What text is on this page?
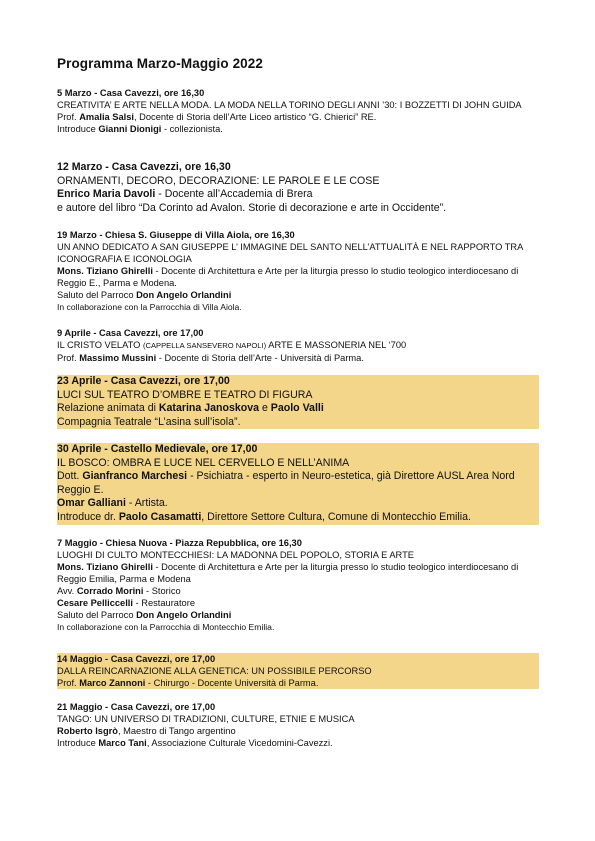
Programma Marzo-Maggio 2022
5 Marzo - Casa Cavezzi, ore 16,30
CREATIVITA’ E ARTE NELLA MODA. LA MODA NELLA TORINO DEGLI ANNI ’30: I BOZZETTI DI JOHN GUIDA
Prof. Amalia Salsi, Docente di Storia dell’Arte Liceo artistico “G. Chierici” RE.
Introduce Gianni Dionigi - collezionista.
12 Marzo - Casa Cavezzi, ore 16,30
ORNAMENTI, DECORO, DECORAZIONE: LE PAROLE E LE COSE
Enrico Maria Davoli - Docente all’Accademia di Brera
e autore del libro “Da Corinto ad Avalon. Storie di decorazione e arte in Occidente”.
19 Marzo - Chiesa S. Giuseppe di Villa Aiola, ore 16,30
UN ANNO DEDICATO A SAN GIUSEPPE L’ IMMAGINE DEL SANTO NELL’ATTUALITÀ E NEL RAPPORTO TRA ICONOGRAFIA E ICONOLOGIA
Mons. Tiziano Ghirelli - Docente di Architettura e Arte per la liturgia presso lo studio teologico interdiocesano di Reggio E., Parma e Modena.
Saluto del Parroco Don Angelo Orlandini
In collaborazione con la Parrocchia di Villa Aiola.
9 Aprile - Casa Cavezzi, ore 17,00
IL CRISTO VELATO (CAPPELLA SANSEVERO NAPOLI) ARTE E MASSONERIA NEL ‘700
Prof. Massimo Mussini - Docente di Storia dell’Arte - Università di Parma.
23 Aprile - Casa Cavezzi, ore 17,00
LUCI SUL TEATRO D’OMBRE E TEATRO DI FIGURA
Relazione animata di Katarina Janoskova e Paolo Valli
Compagnia Teatrale “L’asina sull’isola”.
30 Aprile - Castello Medievale, ore 17,00
IL BOSCO: OMBRA E LUCE NEL CERVELLO E NELL’ANIMA
Dott. Gianfranco Marchesi - Psichiatra - esperto in Neuro-estetica, già Direttore AUSL Area Nord Reggio E.
Omar Galliani - Artista.
Introduce dr. Paolo Casamatti, Direttore Settore Cultura, Comune di Montecchio Emilia.
7 Maggio - Chiesa Nuova - Piazza Repubblica, ore 16,30
LUOGHI DI CULTO MONTECCHIESI: LA MADONNA DEL POPOLO, STORIA E ARTE
Mons. Tiziano Ghirelli - Docente di Architettura e Arte per la liturgia presso lo studio teologico interdiocesano di Reggio Emilia, Parma e Modena
Avv. Corrado Morini - Storico
Cesare Pelliccelli - Restauratore
Saluto del Parroco Don Angelo Orlandini
In collaborazione con la Parrocchia di Montecchio Emilia.
14 Maggio - Casa Cavezzi, ore 17,00
DALLA REINCARNAZIONE ALLA GENETICA: UN POSSIBILE PERCORSO
Prof. Marco Zannoni - Chirurgo - Docente Università di Parma.
21 Maggio - Casa Cavezzi, ore 17,00
TANGO: UN UNIVERSO DI TRADIZIONI, CULTURE, ETNIE E MUSICA
Roberto Isgrò, Maestro di Tango argentino
Introduce Marco Tani, Associazione Culturale Vicedomini-Cavezzi.
